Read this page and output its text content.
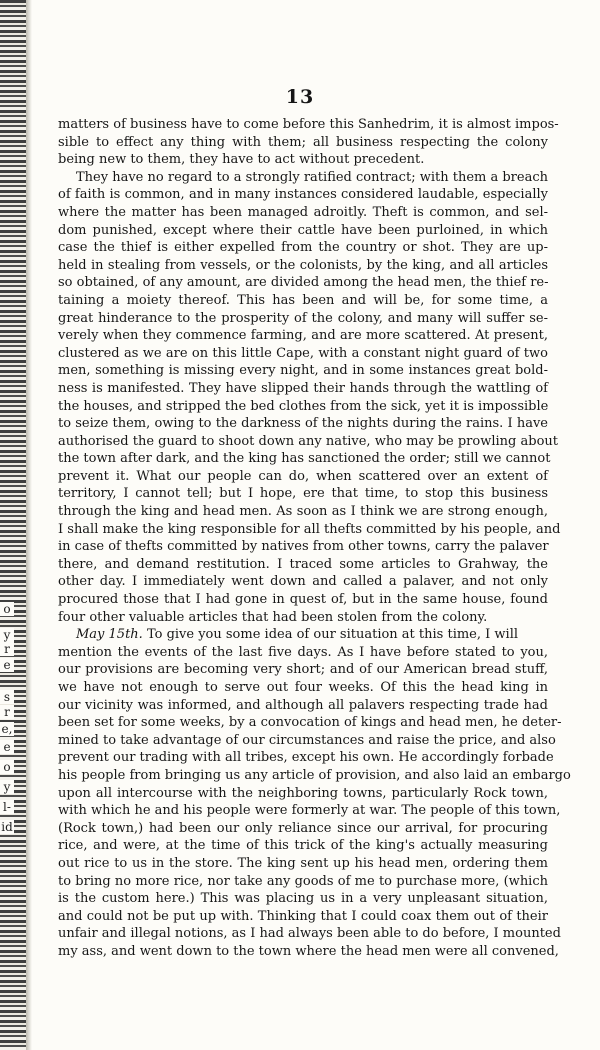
o
y
r
e
s
r
e,
e
o
y
l-
id
13
matters of business have to come before this Sanhedrim, it is almost impos-
sible to effect any thing with them; all business respecting the colony
being new to them, they have to act without precedent.
They have no regard to a strongly ratified contract; with them a breach
of faith is common, and in many instances considered laudable, especially
where the matter has been managed adroitly. Theft is common, and sel-
dom punished, except where their cattle have been purloined, in which
case the thief is either expelled from the country or shot. They are up-
held in stealing from vessels, or the colonists, by the king, and all articles
so obtained, of any amount, are divided among the head men, the thief re-
taining a moiety thereof. This has been and will be, for some time, a
great hinderance to the prosperity of the colony, and many will suffer se-
verely when they commence farming, and are more scattered. At present,
clustered as we are on this little Cape, with a constant night guard of two
men, something is missing every night, and in some instances great bold-
ness is manifested. They have slipped their hands through the wattling of
the houses, and stripped the bed clothes from the sick, yet it is impossible
to seize them, owing to the darkness of the nights during the rains. I have
authorised the guard to shoot down any native, who may be prowling about
the town after dark, and the king has sanctioned the order; still we cannot
prevent it. What our people can do, when scattered over an extent of
territory, I cannot tell; but I hope, ere that time, to stop this business
through the king and head men. As soon as I think we are strong enough,
I shall make the king responsible for all thefts committed by his people, and
in case of thefts committed by natives from other towns, carry the palaver
there, and demand restitution. I traced some articles to Grahway, the
other day. I immediately went down and called a palaver, and not only
procured those that I had gone in quest of, but in the same house, found
four other valuable articles that had been stolen from the colony.
May 15th. To give you some idea of our situation at this time, I will
mention the events of the last five days. As I have before stated to you,
our provisions are becoming very short; and of our American bread stuff,
we have not enough to serve out four weeks. Of this the head king in
our vicinity was informed, and although all palavers respecting trade had
been set for some weeks, by a convocation of kings and head men, he deter-
mined to take advantage of our circumstances and raise the price, and also
prevent our trading with all tribes, except his own. He accordingly forbade
his people from bringing us any article of provision, and also laid an embargo
upon all intercourse with the neighboring towns, particularly Rock town,
with which he and his people were formerly at war. The people of this town,
(Rock town,) had been our only reliance since our arrival, for procuring
rice, and were, at the time of this trick of the king's actually measuring
out rice to us in the store. The king sent up his head men, ordering them
to bring no more rice, nor take any goods of me to purchase more, (which
is the custom here.) This was placing us in a very unpleasant situation,
and could not be put up with. Thinking that I could coax them out of their
unfair and illegal notions, as I had always been able to do before, I mounted
my ass, and went down to the town where the head men were all convened,
